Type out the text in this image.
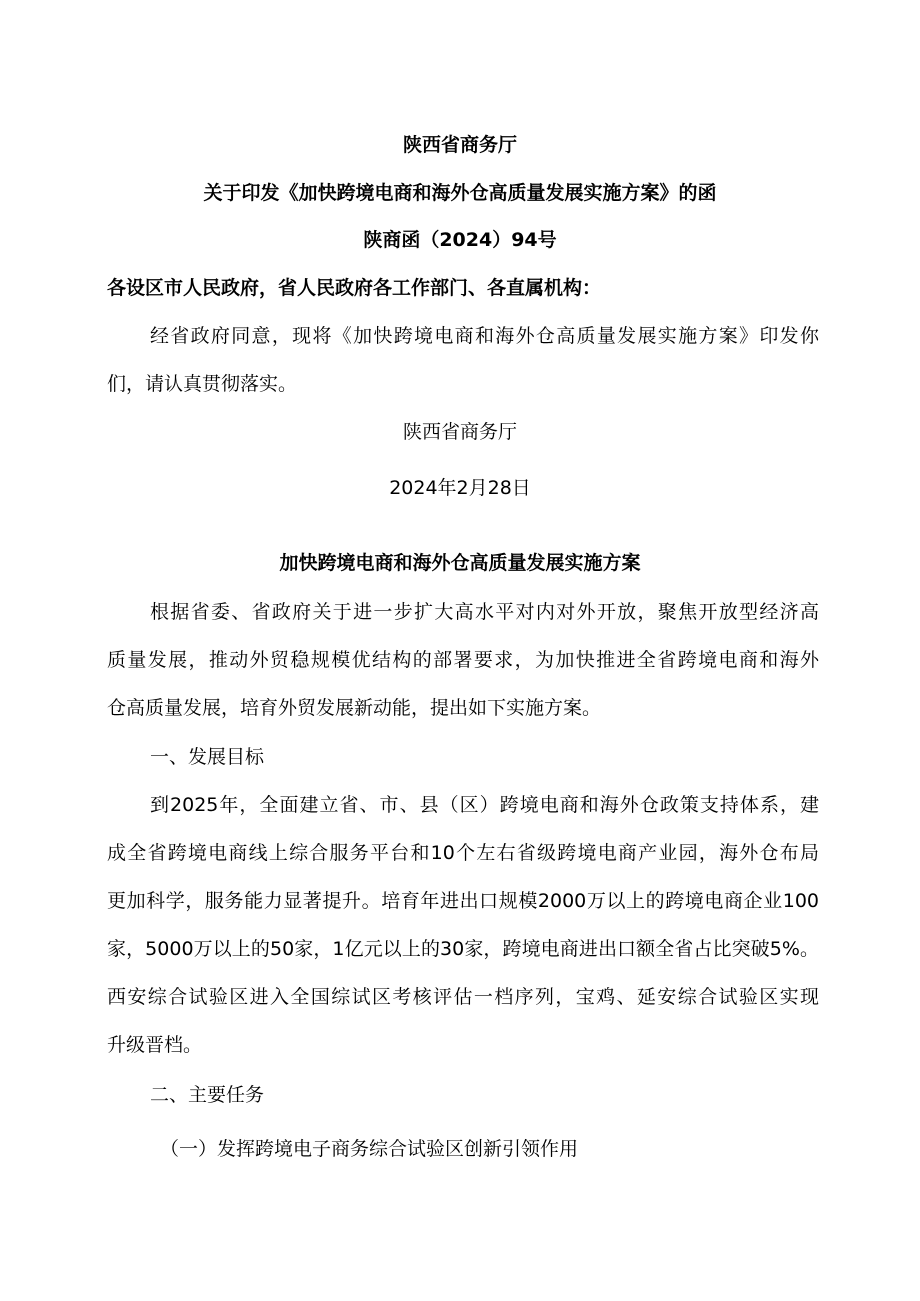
陕西省商务厅
关于印发《加快跨境电商和海外仓高质量发展实施方案》的函
陕商函（2024）94号
各设区市人民政府，省人民政府各工作部门、各直属机构：
经省政府同意，现将《加快跨境电商和海外仓高质量发展实施方案》印发你
们，请认真贯彻落实。
陕西省商务厅
2024年2月28日
加快跨境电商和海外仓高质量发展实施方案
根据省委、省政府关于进一步扩大高水平对内对外开放，聚焦开放型经济高
质量发展，推动外贸稳规模优结构的部署要求，为加快推进全省跨境电商和海外
仓高质量发展，培育外贸发展新动能，提出如下实施方案。
一、发展目标
到2025年，全面建立省、市、县（区）跨境电商和海外仓政策支持体系，建
成全省跨境电商线上综合服务平台和10个左右省级跨境电商产业园，海外仓布局
更加科学，服务能力显著提升。培育年进出口规模2000万以上的跨境电商企业100
家，5000万以上的50家，1亿元以上的30家，跨境电商进出口额全省占比突破5%。
西安综合试验区进入全国综试区考核评估一档序列，宝鸡、延安综合试验区实现
升级晋档。
二、主要任务
（一）发挥跨境电子商务综合试验区创新引领作用
